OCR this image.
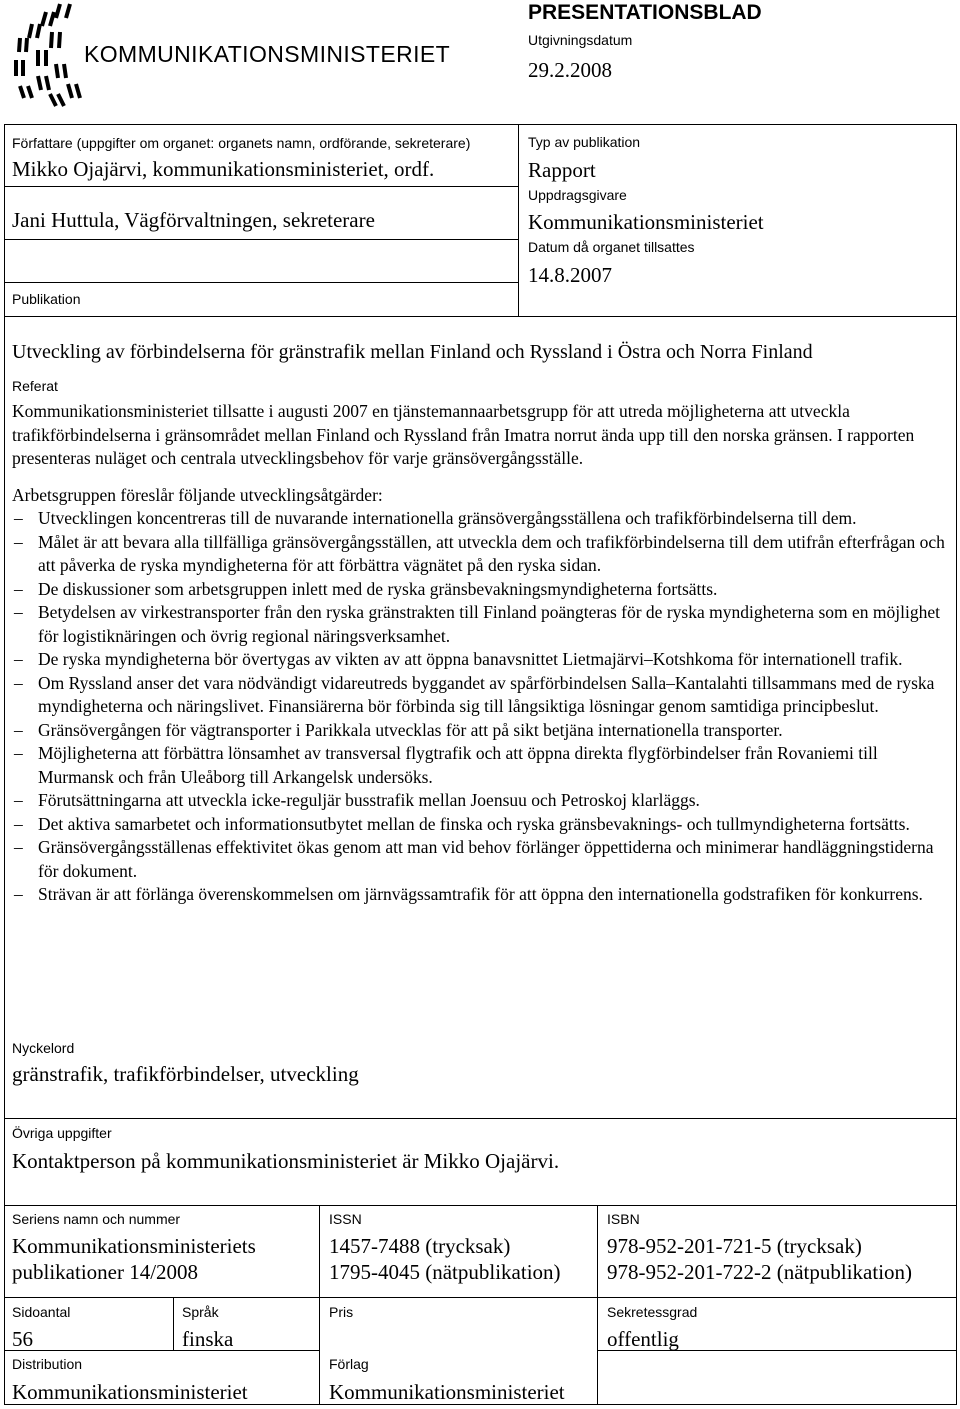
KOMMUNIKATIONSMINISTERIET
PRESENTATIONSBLAD
Utgivningsdatum
29.2.2008
Författare (uppgifter om organet: organets namn, ordförande, sekreterare)
Mikko Ojajärvi, kommunikationsministeriet, ordf.
Jani Huttula, Vägförvaltningen, sekreterare
Publikation
Typ av publikation
Rapport
Uppdragsgivare
Kommunikationsministeriet
Datum då organet tillsattes
14.8.2007
Utveckling av förbindelserna för gränstrafik mellan Finland och Ryssland i Östra och Norra Finland
Referat
Kommunikationsministeriet tillsatte i augusti 2007 en tjänstemannaarbetsgrupp för att utreda möjligheterna att utveckla trafikförbindelserna i gränsområdet mellan Finland och Ryssland från Imatra norrut ända upp till den norska gränsen. I rapporten presenteras nuläget och centrala utvecklingsbehov för varje gränsövergångsställe.
Arbetsgruppen föreslår följande utvecklingsåtgärder:
– Utvecklingen koncentreras till de nuvarande internationella gränsövergångsställena och trafikförbindelserna till dem.
– Målet är att bevara alla tillfälliga gränsövergångsställen, att utveckla dem och trafikförbindelserna till dem utifrån efterfrågan och att påverka de ryska myndigheterna för att förbättra vägnätet på den ryska sidan.
– De diskussioner som arbetsgruppen inlett med de ryska gränsbevakningsmyndigheterna fortsätts.
– Betydelsen av virkestransporter från den ryska gränstrakten till Finland poängteras för de ryska myndigheterna som en möjlighet för logistiknäringen och övrig regional näringsverksamhet.
– De ryska myndigheterna bör övertygas av vikten av att öppna banavsnittet Lietmajärvi–Kotshkoma för internationell trafik.
– Om Ryssland anser det vara nödvändigt vidareutreds byggandet av spårförbindelsen Salla–Kantalahti tillsammans med de ryska myndigheterna och näringslivet. Finansiärerna bör förbinda sig till långsiktiga lösningar genom samtidiga principbeslut.
– Gränsövergången för vägtransporter i Parikkala utvecklas för att på sikt betjäna internationella transporter.
– Möjligheterna att förbättra lönsamhet av transversal flygtrafik och att öppna direkta flygförbindelser från Rovaniemi till Murmansk och från Uleåborg till Arkangelsk undersöks.
– Förutsättningarna att utveckla icke-reguljär busstrafik mellan Joensuu och Petroskoj klarläggs.
– Det aktiva samarbetet och informationsutbytet mellan de finska och ryska gränsbevaknings- och tullmyndigheterna fortsätts.
– Gränsövergångsställenas effektivitet ökas genom att man vid behov förlänger öppettiderna och minimerar handläggningstiderna för dokument.
– Strävan är att förlänga överenskommelsen om järnvägssamtrafik för att öppna den internationella godstrafiken för konkurrens.
Nyckelord
gränstrafik, trafikförbindelser, utveckling
Övriga uppgifter
Kontaktperson på kommunikationsministeriet är Mikko Ojajärvi.
Seriens namn och nummer
Kommunikationsministeriets
publikationer 14/2008
ISSN
1457-7488 (trycksak)
1795-4045 (nätpublikation)
ISBN
978-952-201-721-5 (trycksak)
978-952-201-722-2 (nätpublikation)
Sidoantal
56
Språk
finska
Pris	Sekretessgrad
offentlig
Distribution
Kommunikationsministeriet
Förlag
Kommunikationsministeriet
